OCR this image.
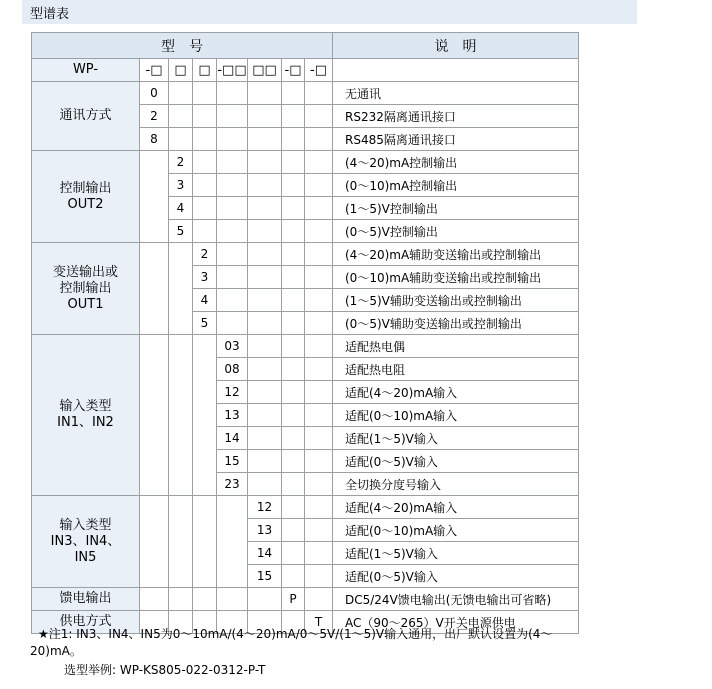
型谱表
型　号								说　明
WP-	-□	□	□	-□□	□□	-□	-□	

通讯方式	0							无通讯
	2							RS232隔离通讯接口
	8							RS485隔离通讯接口

控制输出
OUT2		2						(4～20)mA控制输出
		3						(0～10)mA控制输出
		4						(1～5)V控制输出
		5						(0～5)V控制输出

变送输出或
控制输出
OUT1			2					(4～20)mA辅助变送输出或控制输出
			3					(0～10)mA辅助变送输出或控制输出
			4					(1～5)V辅助变送输出或控制输出
			5					(0～5)V辅助变送输出或控制输出

输入类型
IN1、IN2				03				适配热电偶
				08				适配热电阻
				12				适配(4～20)mA输入
				13				适配(0～10)mA输入
				14				适配(1～5)V输入
				15				适配(0～5)V输入
				23				全切换分度号输入

输入类型
IN3、IN4、
IN5					12			适配(4～20)mA输入
					13			适配(0～10)mA输入
					14			适配(1～5)V输入
					15			适配(0～5)V输入

馈电输出						P		DC5/24V馈电输出(无馈电输出可省略)

供电方式							T	AC（90～265）V开关电源供电
★注1: IN3、IN4、IN5为0～10mA/(4～20)mA/0～5V/(1～5)V输入通用，出厂默认设置为(4～
20)mA。
选型举例: WP-KS805-022-0312-P-T
